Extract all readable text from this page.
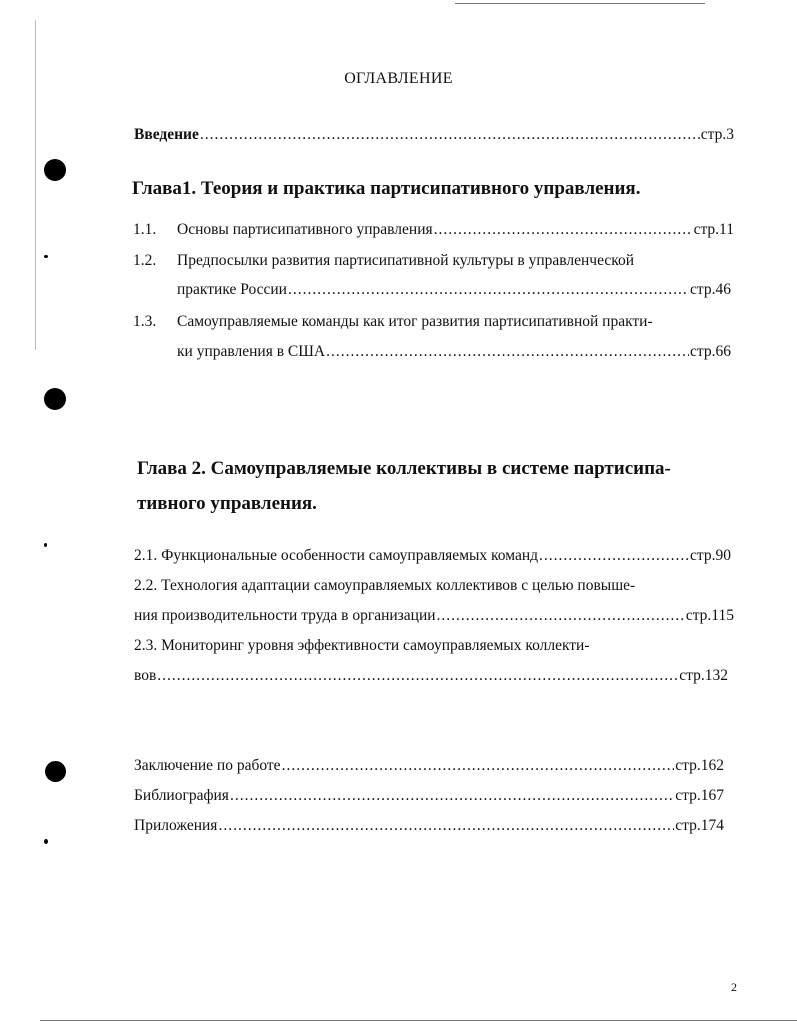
ОГЛАВЛЕНИЕ
Введение .....	стр.3
Глава1. Теория и практика партисипативного управления.
1.1. Основы партисипативного управления .....	стр.11
1.2. Предпосылки развития партисипативной культуры в управленческой
практике России .....	стр.46
1.3. Самоуправляемые команды как итог развития партисипативной практи-
ки управления в США .....	стр.66
Глава 2. Самоуправляемые коллективы в системе партисипа-
тивного управления.
2.1. Функциональные особенности самоуправляемых команд .....	стр.90
2.2. Технология адаптации самоуправляемых коллективов с целью повыше-
ния производительности труда в организации .....	стр.115
2.3. Мониторинг уровня эффективности самоуправляемых коллекти-
вов .....	стр.132
Заключение по работе .....	стр.162
Библиография .....	стр.167
Приложения .....	стр.174
2
